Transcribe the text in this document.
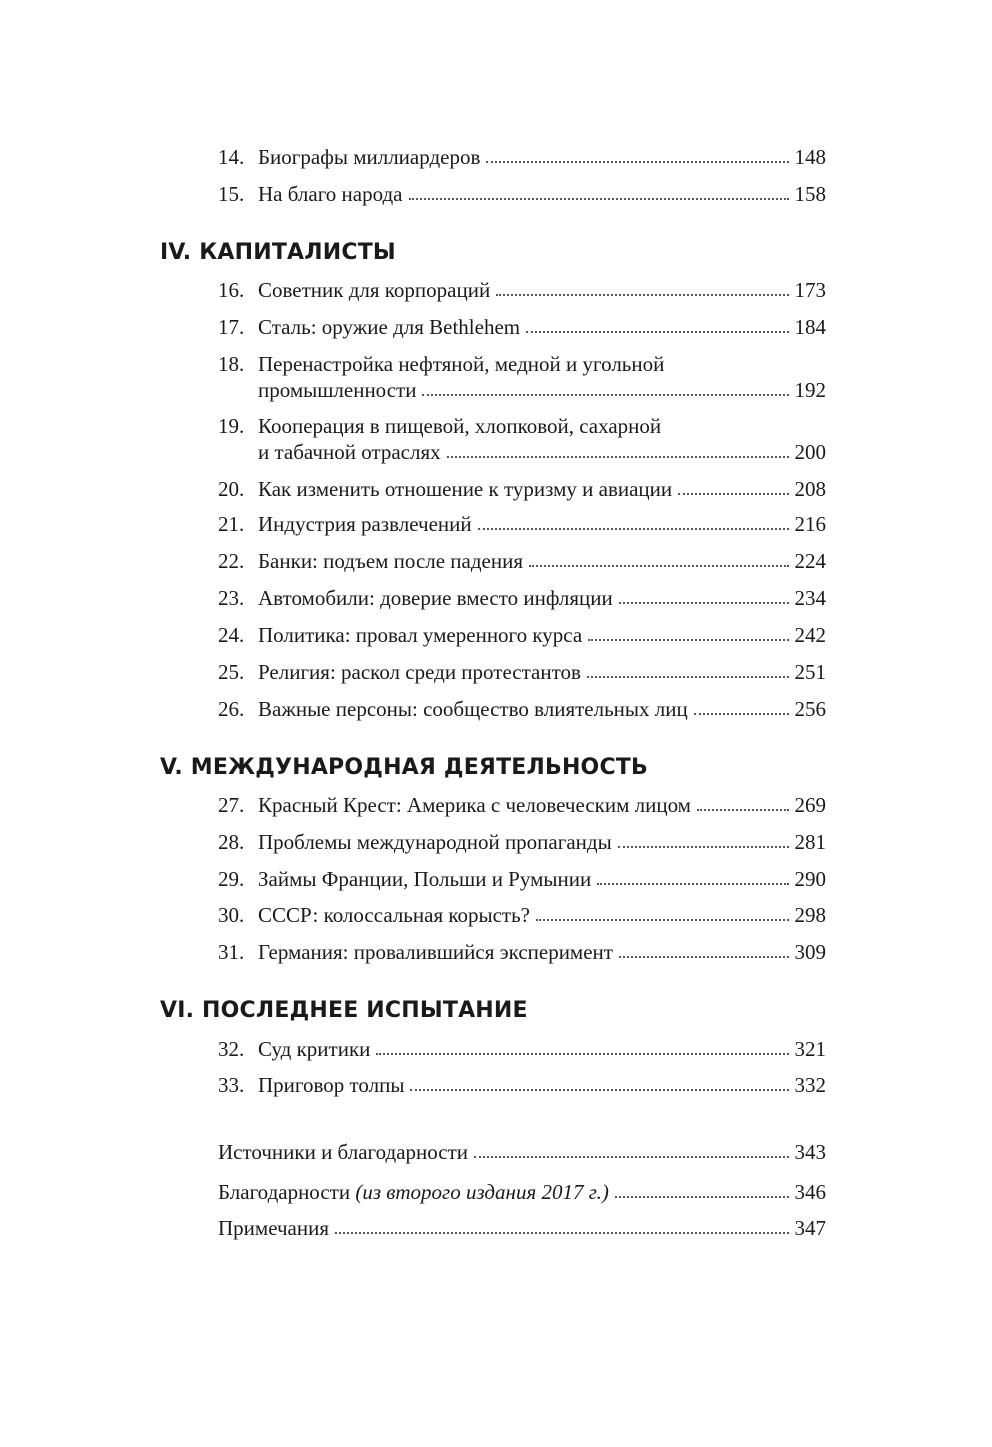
14. Биографы миллиардеров	148
15. На благо народа	158
IV. КАПИТАЛИСТЫ
16. Советник для корпораций	173
17. Сталь: оружие для Bethlehem	184
18. Перенастройка нефтяной, медной и угольной
промышленности	192
19. Кооперация в пищевой, хлопковой, сахарной
и табачной отраслях	200
20. Как изменить отношение к туризму и авиации	208
21. Индустрия развлечений	216
22. Банки: подъем после падения	224
23. Автомобили: доверие вместо инфляции	234
24. Политика: провал умеренного курса	242
25. Религия: раскол среди протестантов	251
26. Важные персоны: сообщество влиятельных лиц	256
V. МЕЖДУНАРОДНАЯ ДЕЯТЕЛЬНОСТЬ
27. Красный Крест: Америка с человеческим лицом	269
28. Проблемы международной пропаганды	281
29. Займы Франции, Польши и Румынии	290
30. СССР: колоссальная корысть?	298
31. Германия: провалившийся эксперимент	309
VI. ПОСЛЕДНЕЕ ИСПЫТАНИЕ
32. Суд критики	321
33. Приговор толпы	332
Источники и благодарности	343
Благодарности (из второго издания 2017 г.)	346
Примечания	347
